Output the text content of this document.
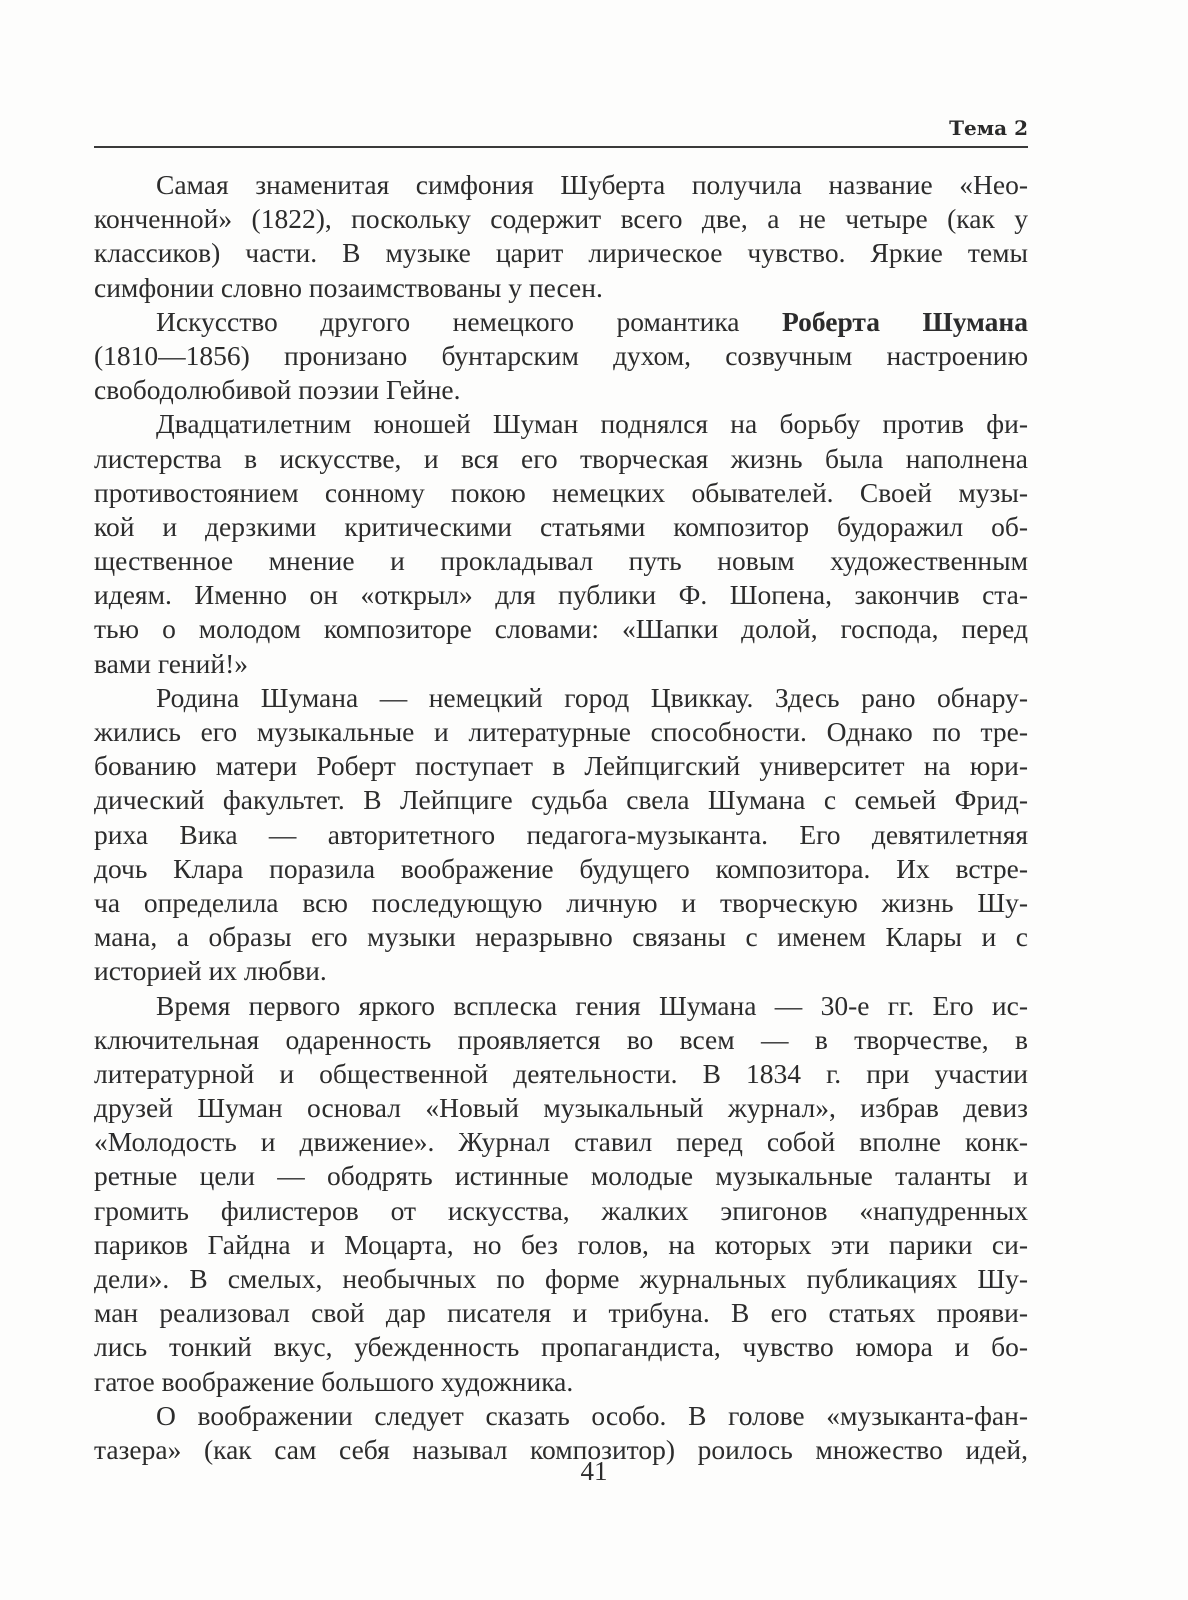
Тема 2
Самая знаменитая симфония Шуберта получила название «Нео-
конченной» (1822), поскольку содержит всего две, а не четыре (как у
классиков) части. В музыке царит лирическое чувство. Яркие темы
симфонии словно позаимствованы у песен.
Искусство другого немецкого романтика Роберта Шумана
(1810—1856) пронизано бунтарским духом, созвучным настроению
свободолюбивой поэзии Гейне.
Двадцатилетним юношей Шуман поднялся на борьбу против фи-
листерства в искусстве, и вся его творческая жизнь была наполнена
противостоянием сонному покою немецких обывателей. Своей музы-
кой и дерзкими критическими статьями композитор будоражил об-
щественное мнение и прокладывал путь новым художественным
идеям. Именно он «открыл» для публики Ф. Шопена, закончив ста-
тью о молодом композиторе словами: «Шапки долой, господа, перед
вами гений!»
Родина Шумана — немецкий город Цвиккау. Здесь рано обнару-
жились его музыкальные и литературные способности. Однако по тре-
бованию матери Роберт поступает в Лейпцигский университет на юри-
дический факультет. В Лейпциге судьба свела Шумана с семьей Фрид-
риха Вика — авторитетного педагога-музыканта. Его девятилетняя
дочь Клара поразила воображение будущего композитора. Их встре-
ча определила всю последующую личную и творческую жизнь Шу-
мана, а образы его музыки неразрывно связаны с именем Клары и с
историей их любви.
Время первого яркого всплеска гения Шумана — 30-е гг. Его ис-
ключительная одаренность проявляется во всем — в творчестве, в
литературной и общественной деятельности. В 1834 г. при участии
друзей Шуман основал «Новый музыкальный журнал», избрав девиз
«Молодость и движение». Журнал ставил перед собой вполне конк-
ретные цели — ободрять истинные молодые музыкальные таланты и
громить филистеров от искусства, жалких эпигонов «напудренных
париков Гайдна и Моцарта, но без голов, на которых эти парики си-
дели». В смелых, необычных по форме журнальных публикациях Шу-
ман реализовал свой дар писателя и трибуна. В его статьях прояви-
лись тонкий вкус, убежденность пропагандиста, чувство юмора и бо-
гатое воображение большого художника.
О воображении следует сказать особо. В голове «музыканта-фан-
тазера» (как сам себя называл композитор) роилось множество идей,
41
